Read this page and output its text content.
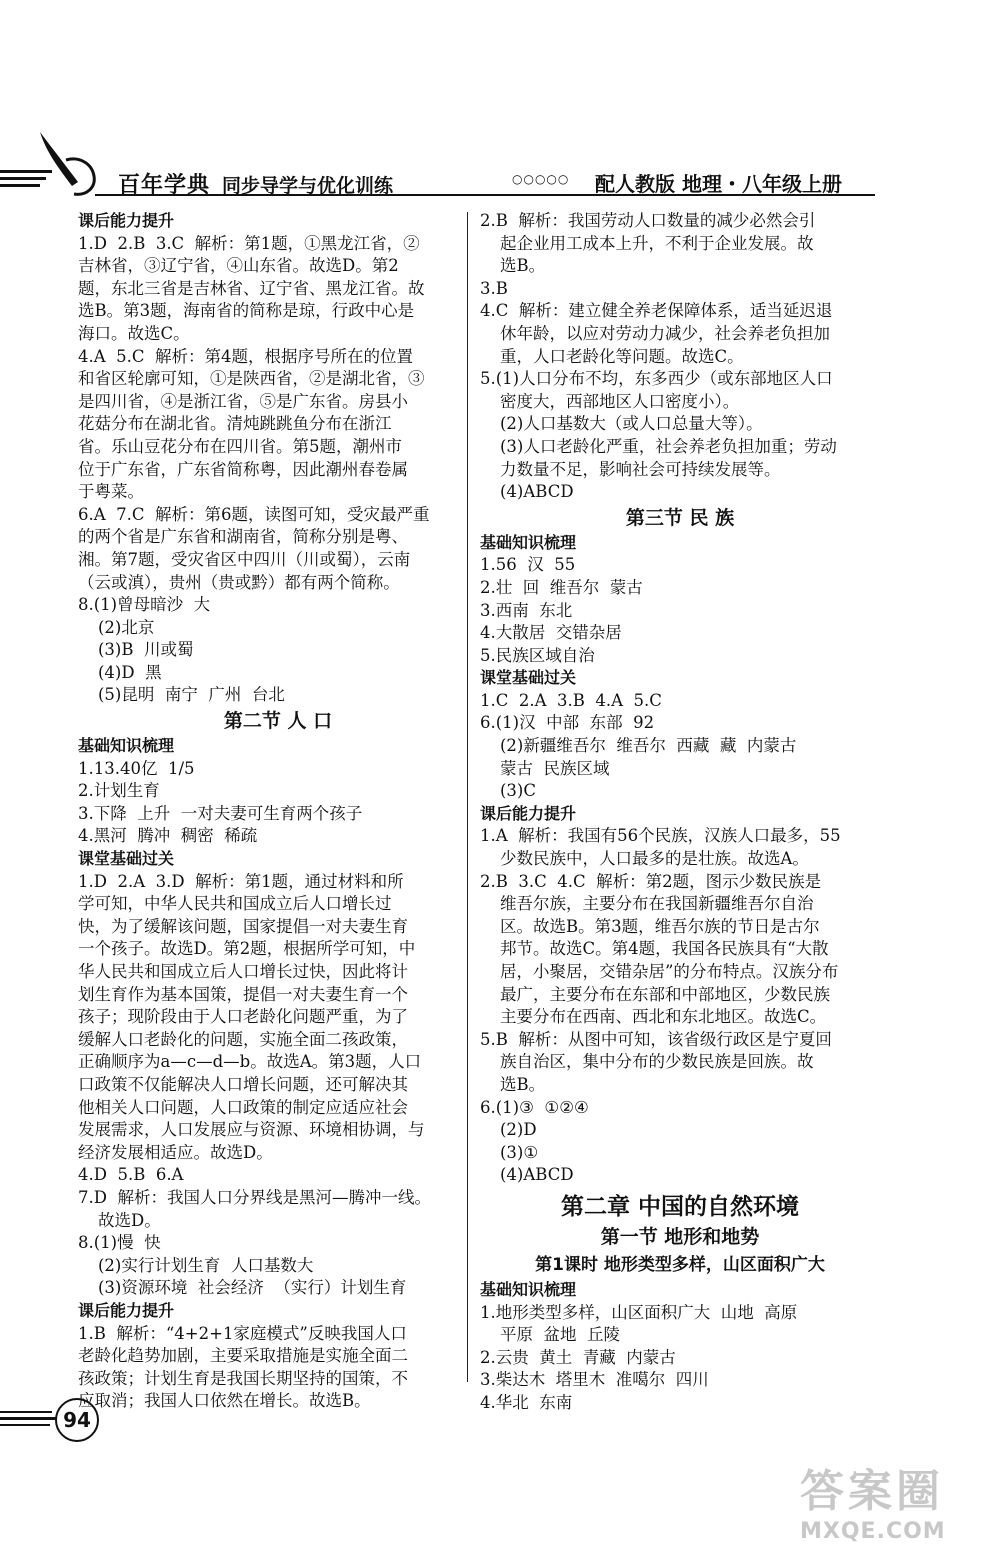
百年学典 同步导学与优化训练	○○○○○ 配人教版 地理・八年级上册
课后能力提升
1.D  2.B  3.C  解析：第1题，①黑龙江省，②
吉林省，③辽宁省，④山东省。故选D。第2
题，东北三省是吉林省、辽宁省、黑龙江省。故
选B。第3题，海南省的简称是琼，行政中心是
海口。故选C。
4.A  5.C  解析：第4题，根据序号所在的位置
和省区轮廓可知，①是陕西省，②是湖北省，③
是四川省，④是浙江省，⑤是广东省。房县小
花菇分布在湖北省。清炖跳跳鱼分布在浙江
省。乐山豆花分布在四川省。第5题，潮州市
位于广东省，广东省简称粤，因此潮州春卷属
于粤菜。
6.A  7.C  解析：第6题，读图可知，受灾最严重
的两个省是广东省和湖南省，简称分别是粤、
湘。第7题，受灾省区中四川（川或蜀），云南
（云或滇），贵州（贵或黔）都有两个简称。
8.(1)曾母暗沙  大
(2)北京
(3)B  川或蜀
(4)D  黑
(5)昆明  南宁  广州  台北
第二节 人 口
基础知识梳理
1.13.40亿  1/5
2.计划生育
3.下降  上升  一对夫妻可生育两个孩子
4.黑河  腾冲  稠密  稀疏
课堂基础过关
1.D  2.A  3.D  解析：第1题，通过材料和所
学可知，中华人民共和国成立后人口增长过
快，为了缓解该问题，国家提倡一对夫妻生育
一个孩子。故选D。第2题，根据所学可知，中
华人民共和国成立后人口增长过快，因此将计
划生育作为基本国策，提倡一对夫妻生育一个
孩子；现阶段由于人口老龄化问题严重，为了
缓解人口老龄化的问题，实施全面二孩政策，
正确顺序为a—c—d—b。故选A。第3题，人口
口政策不仅能解决人口增长问题，还可解决其
他相关人口问题，人口政策的制定应适应社会
发展需求，人口发展应与资源、环境相协调，与
经济发展相适应。故选D。
4.D  5.B  6.A
7.D  解析：我国人口分界线是黑河—腾冲一线。
故选D。
8.(1)慢  快
(2)实行计划生育  人口基数大
(3)资源环境  社会经济  （实行）计划生育
课后能力提升
1.B  解析：“4+2+1家庭模式”反映我国人口
老龄化趋势加剧，主要采取措施是实施全面二
孩政策；计划生育是我国长期坚持的国策，不
应取消；我国人口依然在增长。故选B。
2.B  解析：我国劳动人口数量的减少必然会引
起企业用工成本上升，不利于企业发展。故
选B。
3.B
4.C  解析：建立健全养老保障体系，适当延迟退
休年龄，以应对劳动力减少，社会养老负担加
重，人口老龄化等问题。故选C。
5.(1)人口分布不均，东多西少（或东部地区人口
密度大，西部地区人口密度小）。
(2)人口基数大（或人口总量大等）。
(3)人口老龄化严重，社会养老负担加重；劳动
力数量不足，影响社会可持续发展等。
(4)ABCD
第三节 民 族
基础知识梳理
1.56  汉  55
2.壮  回  维吾尔  蒙古
3.西南  东北
4.大散居  交错杂居
5.民族区域自治
课堂基础过关
1.C  2.A  3.B  4.A  5.C
6.(1)汉  中部  东部  92
(2)新疆维吾尔  维吾尔  西藏  藏  内蒙古
蒙古  民族区域
(3)C
课后能力提升
1.A  解析：我国有56个民族，汉族人口最多，55
少数民族中，人口最多的是壮族。故选A。
2.B  3.C  4.C  解析：第2题，图示少数民族是
维吾尔族，主要分布在我国新疆维吾尔自治
区。故选B。第3题，维吾尔族的节日是古尔
邦节。故选C。第4题，我国各民族具有“大散
居，小聚居，交错杂居”的分布特点。汉族分布
最广，主要分布在东部和中部地区，少数民族
主要分布在西南、西北和东北地区。故选C。
5.B  解析：从图中可知，该省级行政区是宁夏回
族自治区，集中分布的少数民族是回族。故
选B。
6.(1)③  ①②④
(2)D
(3)①
(4)ABCD
第二章 中国的自然环境
第一节 地形和地势
第1课时 地形类型多样，山区面积广大
基础知识梳理
1.地形类型多样，山区面积广大  山地  高原
平原  盆地  丘陵
2.云贵  黄土  青藏  内蒙古
3.柴达木  塔里木  准噶尔  四川
4.华北  东南
94
答案圈
MXQE.COM
